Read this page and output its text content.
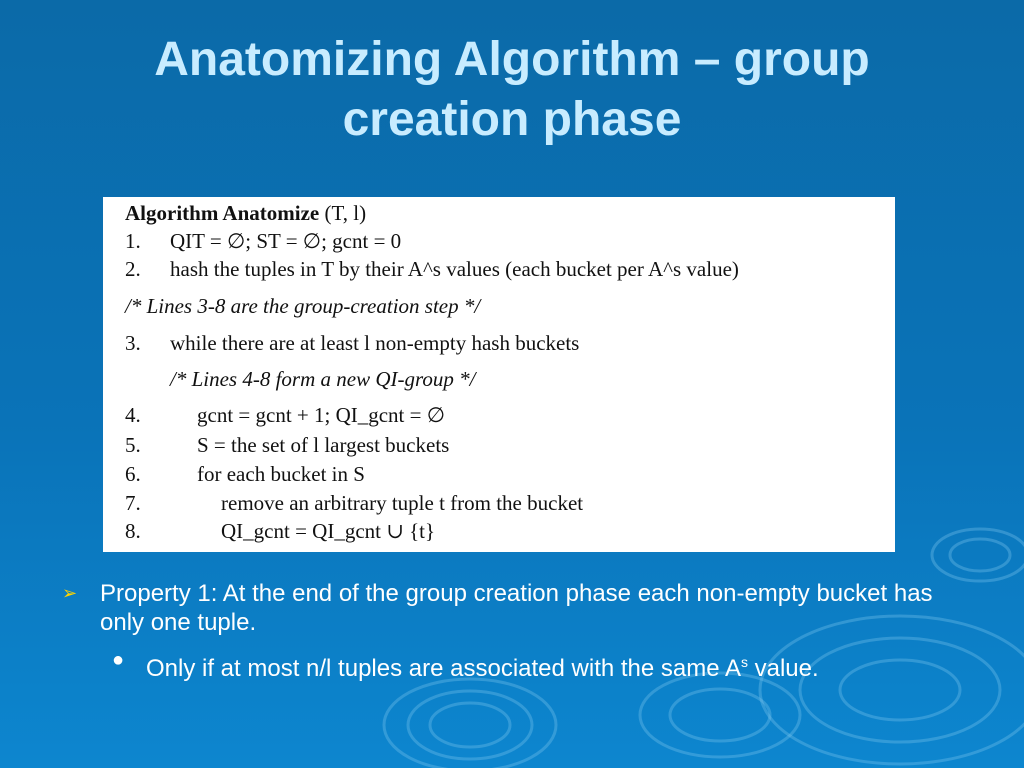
Anatomizing Algorithm – group
creation phase
Algorithm Anatomize (T, l)
1. QIT = ∅; ST = ∅; gcnt = 0
2. hash the tuples in T by their A^s values (each bucket per A^s value)
/* Lines 3-8 are the group-creation step */
3. while there are at least l non-empty hash buckets
/* Lines 4-8 form a new QI-group */
4.	gcnt = gcnt + 1; QI_gcnt = ∅
5.	S = the set of l largest buckets
6.	for each bucket in S
7.	remove an arbitrary tuple t from the bucket
8.	QI_gcnt = QI_gcnt ∪ {t}
➢ Property 1: At the end of the group creation phase each non-empty bucket has only one tuple.
● Only if at most n/l tuples are associated with the same $A^s$ value.
